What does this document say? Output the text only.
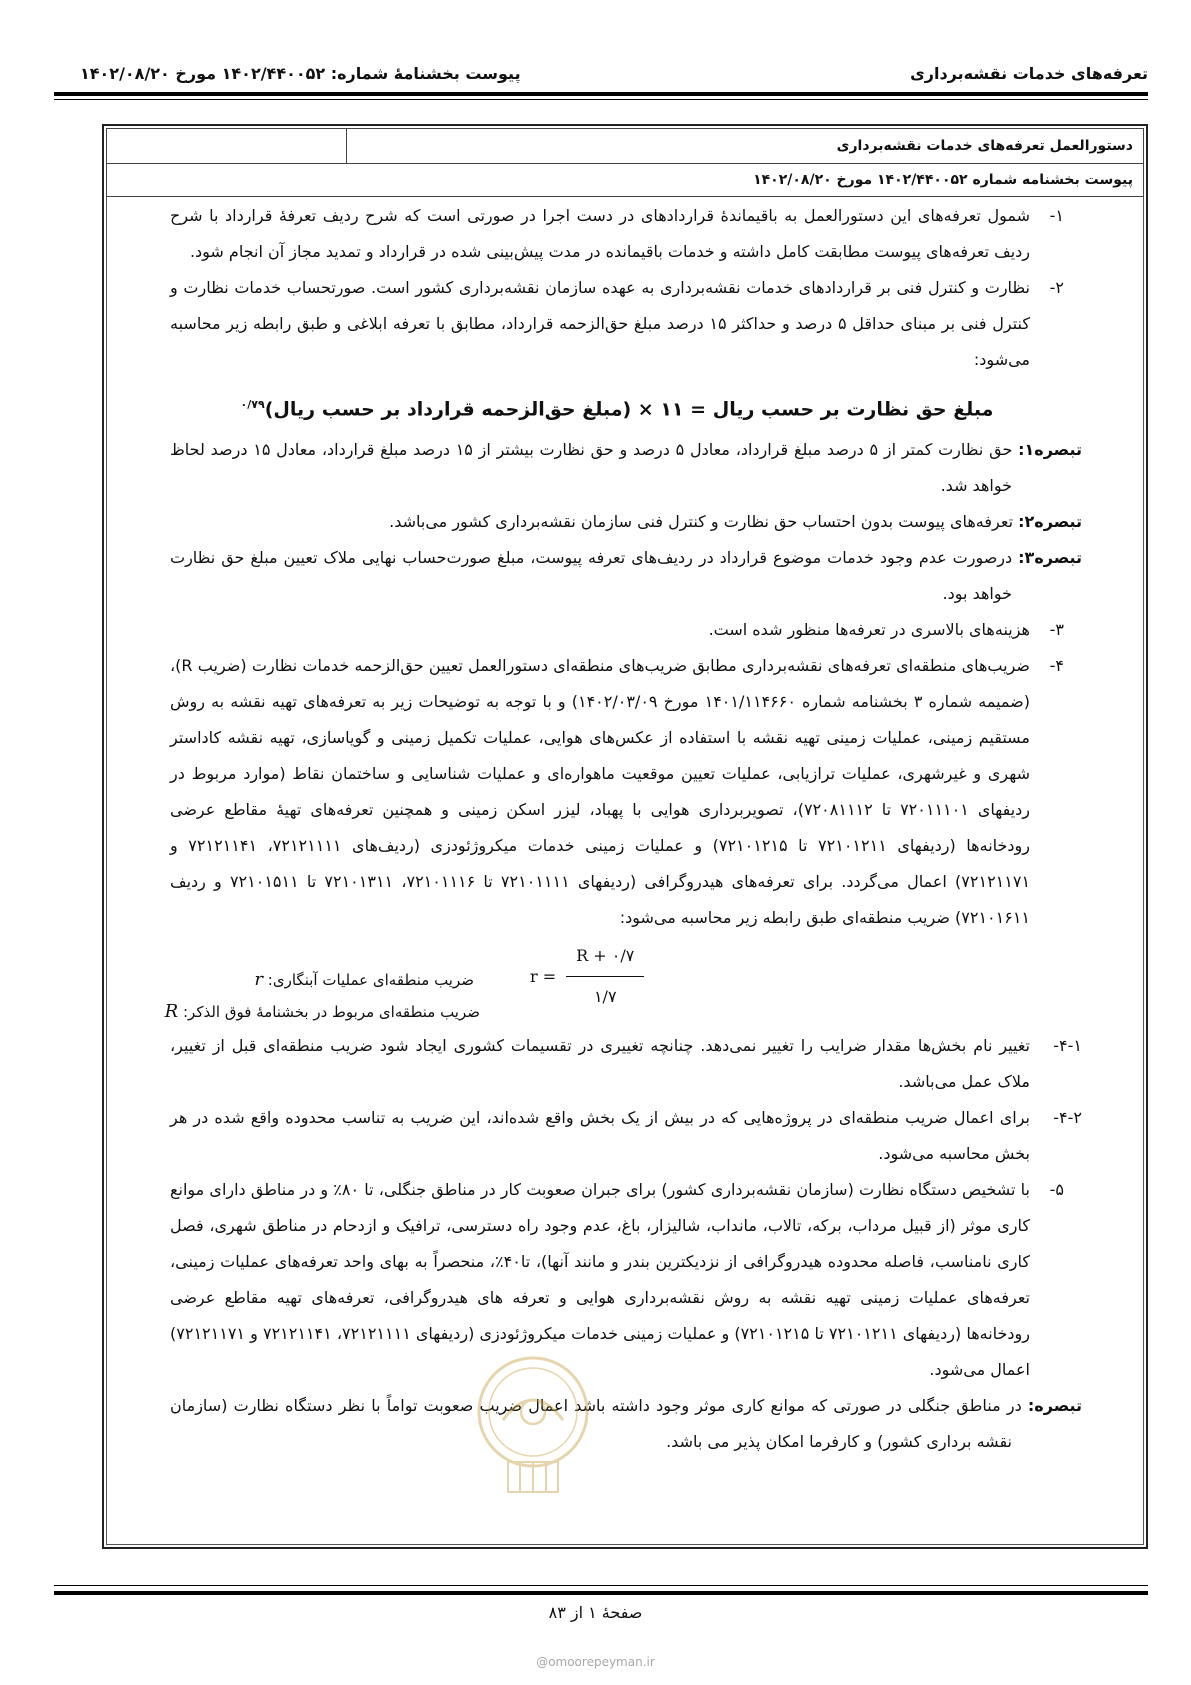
تعرفه‌های خدمات نقشه‌برداری
پیوست بخشنامهٔ شماره: ۱۴۰۲/۴۴۰۰۵۲ مورخ ۱۴۰۲/۰۸/۲۰
دستورالعمل تعرفه‌های خدمات نقشه‌برداری	
پیوست بخشنامه شماره ۱۴۰۲/۴۴۰۰۵۲ مورخ ۱۴۰۲/۰۸/۲۰
۱-
شمول تعرفه‌های این دستورالعمل به باقیماندهٔ قراردادهای در دست اجرا در صورتی است که شرح ردیف تعرفهٔ قرارداد با شرح ردیف تعرفه‌های پیوست مطابقت کامل داشته و خدمات باقیمانده در مدت پیش‌بینی شده در قرارداد و تمدید مجاز آن انجام شود.
۲-
نظارت و کنترل فنی بر قراردادهای خدمات نقشه‌برداری به عهده سازمان نقشه‌برداری کشور است. صورتحساب خدمات نظارت و کنترل فنی بر مبنای حداقل ۵ درصد و حداکثر ۱۵ درصد مبلغ حق‌الزحمه قرارداد، مطابق با تعرفه ابلاغی و طبق رابطه زیر محاسبه می‌شود:
مبلغ حق نظارت بر حسب ریال = ۱۱ × (مبلغ حق‌الزحمه قرارداد بر حسب ریال)$^{۰/۷۹}$
تبصره۱: حق نظارت کمتر از ۵ درصد مبلغ قرارداد، معادل ۵ درصد و حق نظارت بیشتر از ۱۵ درصد مبلغ قرارداد، معادل ۱۵ درصد لحاظ خواهد شد.
تبصره۲: تعرفه‌های پیوست بدون احتساب حق نظارت و کنترل فنی سازمان نقشه‌برداری کشور می‌باشد.
تبصره۳: درصورت عدم وجود خدمات موضوع قرارداد در ردیف‌های تعرفه پیوست، مبلغ صورت‌حساب نهایی ملاک تعیین مبلغ حق نظارت خواهد بود.
۳-
هزینه‌های بالاسری در تعرفه‌ها منظور شده است.
۴-
ضریب‌های منطقه‌ای تعرفه‌های نقشه‌برداری مطابق ضریب‌های منطقه‌ای دستورالعمل تعیین حق‌الزحمه خدمات نظارت (ضریب R)، (ضمیمه شماره ۳ بخشنامه شماره ۱۴۰۱/۱۱۴۶۶۰ مورخ ۱۴۰۲/۰۳/۰۹) و با توجه به توضیحات زیر به تعرفه‌های تهیه نقشه به روش مستقیم زمینی، عملیات زمینی تهیه نقشه با استفاده از عکس‌های هوایی، عملیات تکمیل زمینی و گویاسازی، تهیه نقشه کاداستر شهری و غیرشهری، عملیات ترازیابی، عملیات تعیین موقعیت ماهواره‌ای و عملیات شناسایی و ساختمان نقاط (موارد مربوط در ردیفهای ۷۲۰۱۱۱۰۱ تا ۷۲۰۸۱۱۱۲)، تصویربرداری هوایی با پهباد، لیزر اسکن زمینی و همچنین تعرفه‌های تهیهٔ مقاطع عرضی رودخانه‌ها (ردیفهای ۷۲۱۰۱۲۱۱ تا ۷۲۱۰۱۲۱۵) و عملیات زمینی خدمات میکروژئودزی (ردیف‌های ۷۲۱۲۱۱۱۱، ۷۲۱۲۱۱۴۱ و ۷۲۱۲۱۱۷۱) اعمال می‌گردد. برای تعرفه‌های هیدروگرافی (ردیفهای ۷۲۱۰۱۱۱۱ تا ۷۲۱۰۱۱۱۶، ۷۲۱۰۱۳۱۱ تا ۷۲۱۰۱۵۱۱ و ردیف ۷۲۱۰۱۶۱۱) ضریب منطقه‌ای طبق رابطه زیر محاسبه می‌شود:
r =
R + ۰/۷
۱/۷
ضریب منطقه‌ای عملیات آبنگاری: r
ضریب منطقه‌ای مربوط در بخشنامهٔ فوق الذکر: R
۴-۱-
تغییر نام بخش‌ها مقدار ضرایب را تغییر نمی‌دهد. چنانچه تغییری در تقسیمات کشوری ایجاد شود ضریب منطقه‌ای قبل از تغییر، ملاک عمل می‌باشد.
۴-۲-
برای اعمال ضریب منطقه‌ای در پروژه‌هایی که در بیش از یک بخش واقع شده‌اند، این ضریب به تناسب محدوده واقع شده در هر بخش محاسبه می‌شود.
۵-
با تشخیص دستگاه نظارت (سازمان نقشه‌برداری کشور) برای جبران صعوبت کار در مناطق جنگلی، تا ۸۰٪ و در مناطق دارای موانع کاری موثر (از قبیل مرداب، برکه، تالاب، مانداب، شالیزار، باغ، عدم وجود راه دسترسی، ترافیک و ازدحام در مناطق شهری، فصل کاری نامناسب، فاصله محدوده هیدروگرافی از نزدیکترین بندر و مانند آنها)، تا۴۰٪، منحصراً به بهای واحد تعرفه‌های عملیات زمینی، تعرفه‌های عملیات زمینی تهیه نقشه به روش نقشه‌برداری هوایی و تعرفه های هیدروگرافی، تعرفه‌های تهیه مقاطع عرضی رودخانه‌ها (ردیفهای ۷۲۱۰۱۲۱۱ تا ۷۲۱۰۱۲۱۵) و عملیات زمینی خدمات میکروژئودزی (ردیفهای ۷۲۱۲۱۱۱۱، ۷۲۱۲۱۱۴۱ و ۷۲۱۲۱۱۷۱) اعمال می‌شود.
تبصره: در مناطق جنگلی در صورتی که موانع کاری موثر وجود داشته باشد اعمال ضریب صعوبت تواماً با نظر دستگاه نظارت (سازمان نقشه برداری کشور) و کارفرما امکان پذیر می باشد.
صفحهٔ ۱ از ۸۳
@omoorepeyman.ir
